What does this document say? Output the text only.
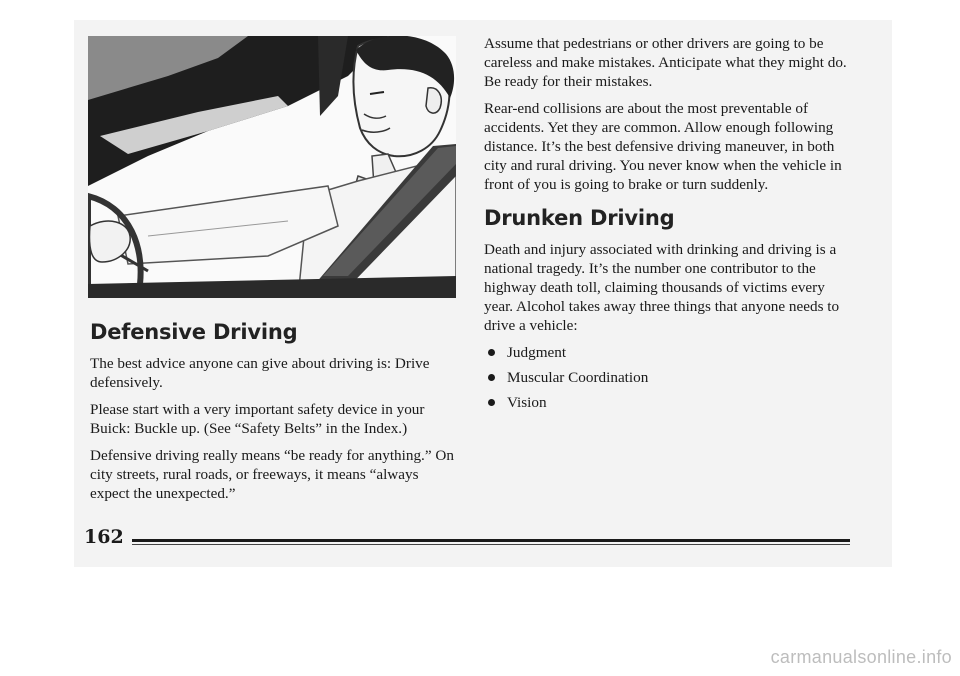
Defensive Driving

The best advice anyone can give about driving is: Drive defensively.

Please start with a very important safety device in your Buick: Buckle up. (See “Safety Belts” in the Index.)

Defensive driving really means “be ready for anything.” On city streets, rural roads, or freeways, it means “always expect the unexpected.”

Assume that pedestrians or other drivers are going to be careless and make mistakes. Anticipate what they might do. Be ready for their mistakes.

Rear-end collisions are about the most preventable of accidents. Yet they are common. Allow enough following distance. It’s the best defensive driving maneuver, in both city and rural driving. You never know when the vehicle in front of you is going to brake or turn suddenly.

Drunken Driving

Death and injury associated with drinking and driving is a national tragedy. It’s the number one contributor to the highway death toll, claiming thousands of victims every year. Alcohol takes away three things that anyone needs to drive a vehicle:

Judgment
Muscular Coordination
Vision
162
carmanualsonline.info
